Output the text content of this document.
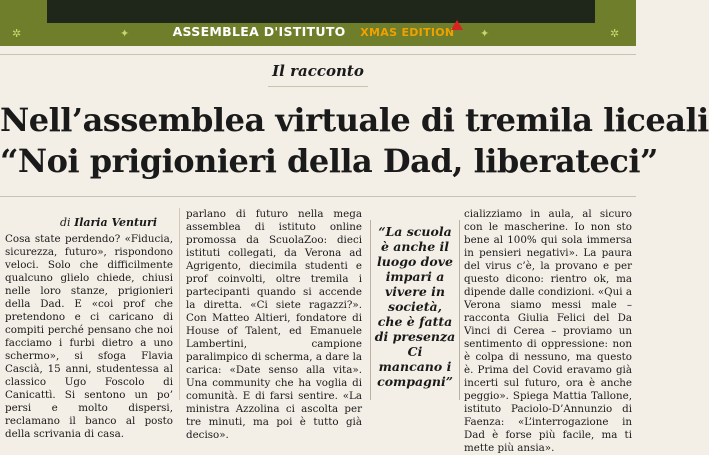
✲	✦	✦	✲
ASSEMBLEA D'ISTITUTO XMAS EDITION
Il racconto
Nell’assemblea virtuale di tremila liceali
“Noi prigionieri della Dad, liberateci”
di Ilaria Venturi
Cosa state perdendo? «Fiducia, sicurezza, futuro», rispondono veloci. Solo che difficilmente qualcuno glielo chiede, chiusi nelle loro stanze, prigionieri della Dad. E «coi prof che pretendono e ci caricano di compiti perché pensano che noi facciamo i furbi dietro a uno schermo», si sfoga Flavia Cascià, 15 anni, studentessa al classico Ugo Foscolo di Canicattì. Si sentono un po’ persi e molto dispersi, reclamano il banco al posto della scrivania di casa.
parlano di futuro nella mega assemblea di istituto online promossa da ScuolaZoo: dieci istituti collegati, da Verona ad Agrigento, diecimila studenti e prof coinvolti, oltre tremila i partecipanti quando si accende la diretta. «Ci siete ragazzi?». Con Matteo Altieri, fondatore di House of Talent, ed Emanuele Lambertini, campione paralimpico di scherma, a dare la carica: «Date senso alla vita». Una community che ha voglia di comunità. E di farsi sentire. «La ministra Azzolina ci ascolta per tre minuti, ma poi è tutto già deciso».
“La scuola è anche il luogo dove impari a vivere in società, che è fatta di presenza Ci mancano i compagni”
cializziamo in aula, al sicuro con le mascherine. Io non sto bene al 100% qui sola immersa in pensieri negativi». La paura del virus c’è, la provano e per questo dicono: rientro ok, ma dipende dalle condizioni. «Qui a Verona siamo messi male – racconta Giulia Felici del Da Vinci di Cerea – proviamo un sentimento di oppressione: non è colpa di nessuno, ma questo è. Prima del Covid eravamo già incerti sul futuro, ora è anche peggio». Spiega Mattia Tallone, istituto Paciolo-D’Annunzio di Faenza: «L’interrogazione in Dad è forse più facile, ma ti mette più ansia».
